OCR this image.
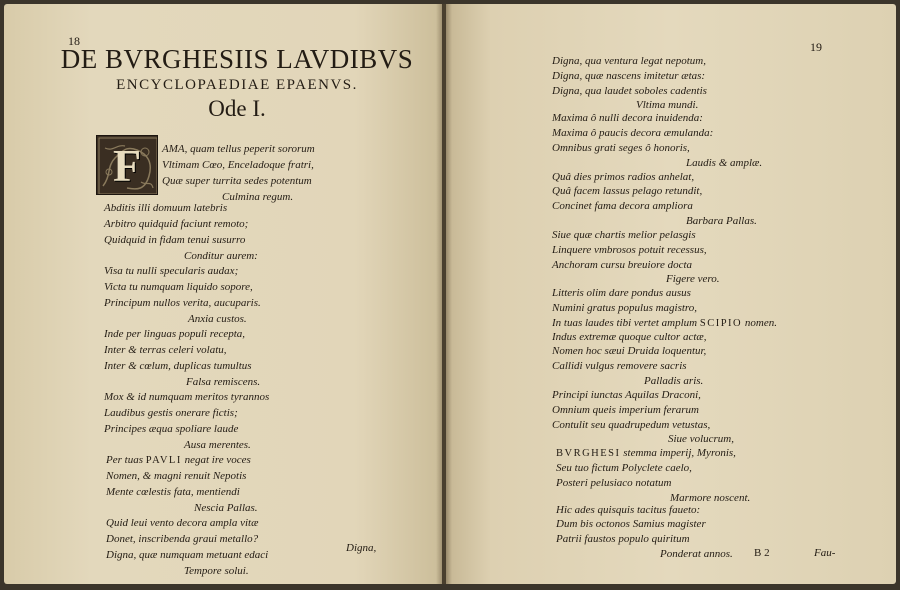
18
DE BVRGHESIIS LAVDIBVS
ENCYCLOPAEDIAE EPAENVS.
Ode I.
F AMA, quam tellus peperit sororum
Vltimam Cœo, Enceladoque fratri,
Quæ super turrita sedes potentum
Culmina regum.
Abditis illi domuum latebris
Arbitro quidquid faciunt remoto;
Quidquid in fidam tenui susurro
Conditur aurem:
Visa tu nulli specularis audax;
Victa tu numquam liquido sopore,
Principum nullos verita, aucuparis.
Anxia custos.
Inde per linguas populi recepta,
Inter & terras celeri volatu,
Inter & cœlum, duplicas tumultus
Falsa remiscens.
Mox & id numquam meritos tyrannos
Laudibus gestis onerare fictis;
Principes æqua spoliare laude
Ausa merentes.
Per tuas PAVLI negat ire voces
Nomen, & magni renuit Nepotis
Mente cœlestis fata, mentiendi
Nescia Pallas.
Quid leui vento decora ampla vitæ
Donet, inscribenda graui metallo?
Digna, quæ numquam metuant edaci
Tempore solui.
Digna,
19
Digna, qua ventura legat nepotum,
Digna, quæ nascens imitetur ætas:
Digna, qua laudet soboles cadentis
Vltima mundi.
Maxima ô nulli decora inuidenda:
Maxima ô paucis decora æmulanda:
Omnibus grati seges ô honoris,
Laudis & amplæ.
Quâ dies primos radios anhelat,
Quâ facem lassus pelago retundit,
Concinet fama decora ampliora
Barbara Pallas.
Siue quæ chartis melior pelasgis
Linquere vmbrosos potuit recessus,
Anchoram cursu breuiore docta
Figere vero.
Litteris olim dare pondus ausus
Numini gratus populus magistro,
In tuas laudes tibi vertet amplum SCIPIO nomen.
Indus extremæ quoque cultor actæ,
Nomen hoc sæui Druida loquentur,
Callidi vulgus removere sacris
Palladis aris.
Principi iunctas Aquilas Draconi,
Omnium queis imperium ferarum
Contulit seu quadrupedum vetustas,
Siue volucrum,
BVRGHESI stemma imperij, Myronis,
Seu tuo fictum Polyclete caelo,
Posteri pelusiaco notatum
Marmore noscent.
Hic ades quisquis tacitus faueto:
Dum bis octonos Samius magister
Patrii faustos populo quiritum
Ponderat annos. B 2	Fau-
